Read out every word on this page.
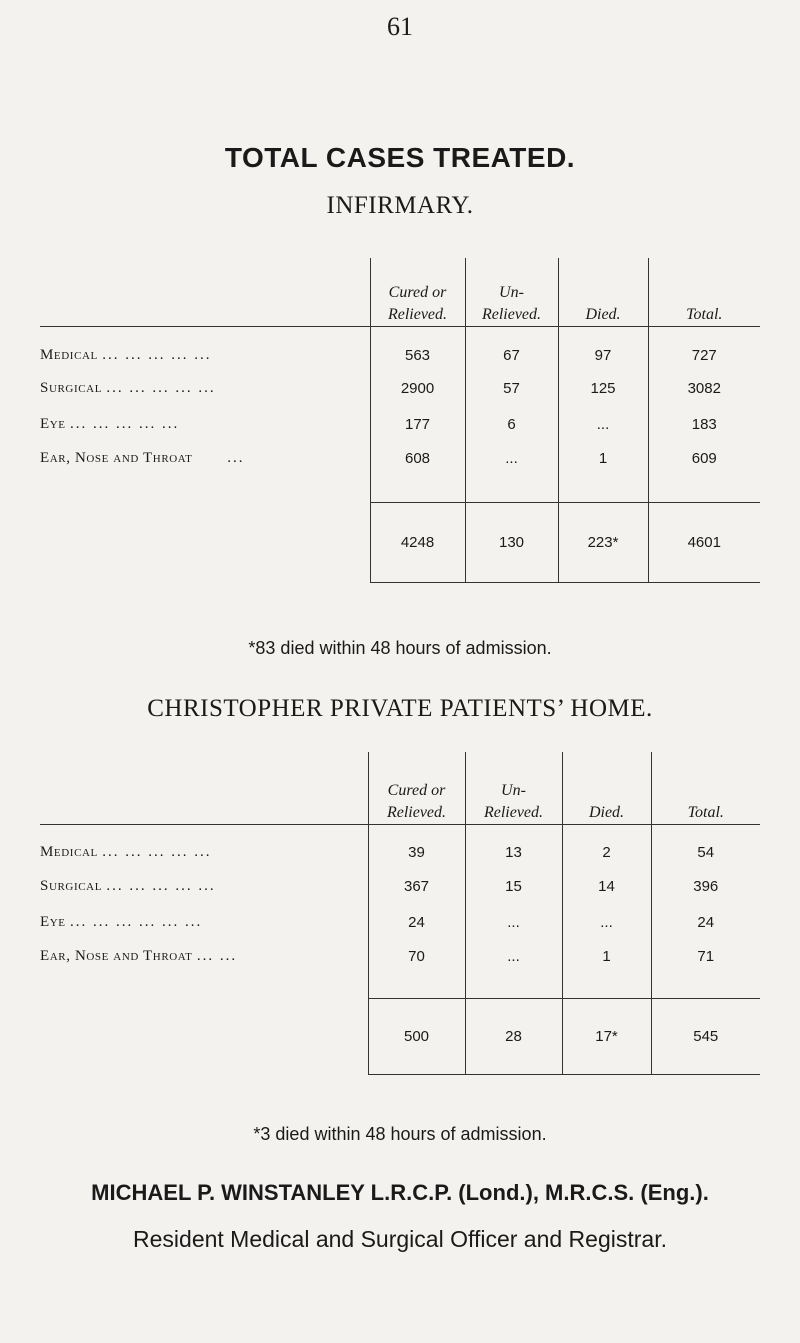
61
TOTAL CASES TREATED.
INFIRMARY.
	Cured or
Relieved.	Un-
Relieved.	Died.	Total.
Medical ... ... ... ... ...	563	67	97	727
Surgical ... ... ... ... ...	2900	57	125	3082
Eye ... ... ... ... ...	177	6	...	183
Ear, Nose and Throat ...	608	...	1	609
	4248	130	223*	4601
*83 died within 48 hours of admission.
CHRISTOPHER PRIVATE PATIENTS’ HOME.
	Cured or
Relieved.	Un-
Relieved.	Died.	Total.
Medical ... ... ... ... ...	39	13	2	54
Surgical ... ... ... ... ...	367	15	14	396
Eye ... ... ... ... ... ...	24	...	...	24
Ear, Nose and Throat ... ...	70	...	1	71
	500	28	17*	545
*3 died within 48 hours of admission.
MICHAEL P. WINSTANLEY L.R.C.P. (Lond.), M.R.C.S. (Eng.).
Resident Medical and Surgical Officer and Registrar.
